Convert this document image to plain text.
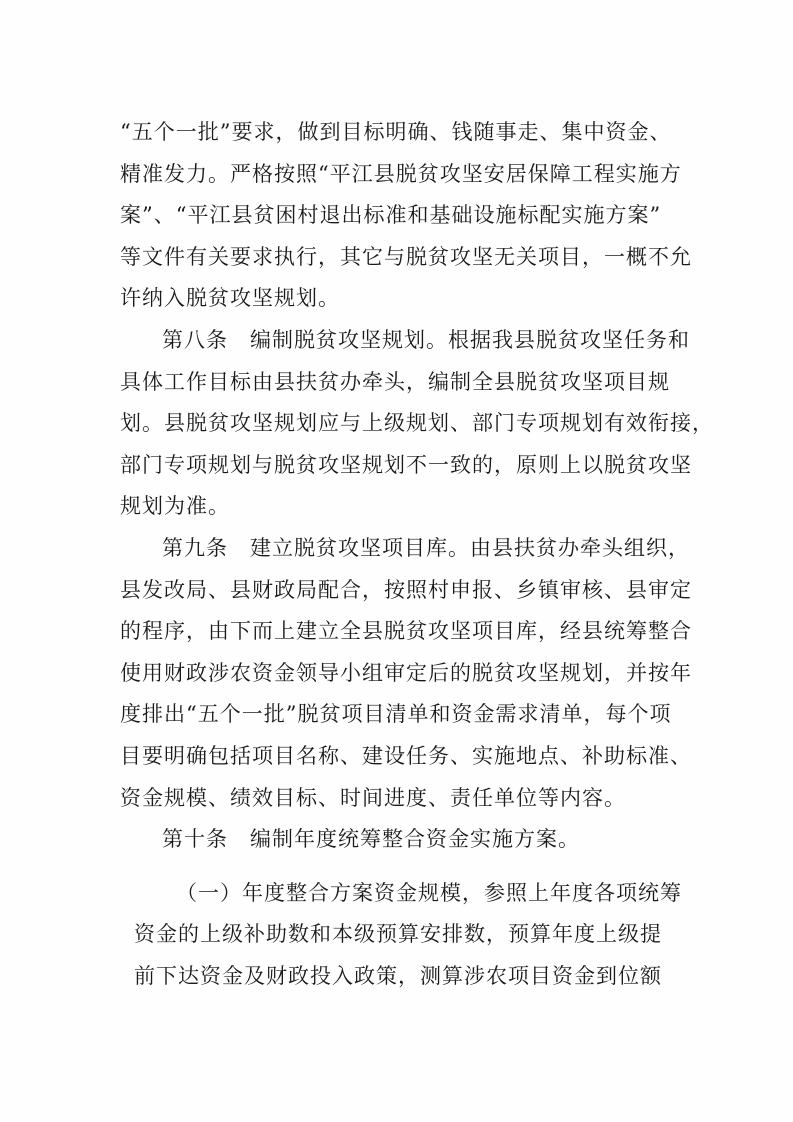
“五个一批”要求，做到目标明确、钱随事走、集中资金、
精准发力。严格按照“平江县脱贫攻坚安居保障工程实施方
案”、“平江县贫困村退出标准和基础设施标配实施方案”
等文件有关要求执行，其它与脱贫攻坚无关项目，一概不允
许纳入脱贫攻坚规划。
第八条　编制脱贫攻坚规划。根据我县脱贫攻坚任务和
具体工作目标由县扶贫办牵头，编制全县脱贫攻坚项目规
划。县脱贫攻坚规划应与上级规划、部门专项规划有效衔接，
部门专项规划与脱贫攻坚规划不一致的，原则上以脱贫攻坚
规划为准。
第九条　建立脱贫攻坚项目库。由县扶贫办牵头组织，
县发改局、县财政局配合，按照村申报、乡镇审核、县审定
的程序，由下而上建立全县脱贫攻坚项目库，经县统筹整合
使用财政涉农资金领导小组审定后的脱贫攻坚规划，并按年
度排出“五个一批”脱贫项目清单和资金需求清单，每个项
目要明确包括项目名称、建设任务、实施地点、补助标准、
资金规模、绩效目标、时间进度、责任单位等内容。
第十条　编制年度统筹整合资金实施方案。
（一）年度整合方案资金规模，参照上年度各项统筹
资金的上级补助数和本级预算安排数，预算年度上级提
前下达资金及财政投入政策，测算涉农项目资金到位额
